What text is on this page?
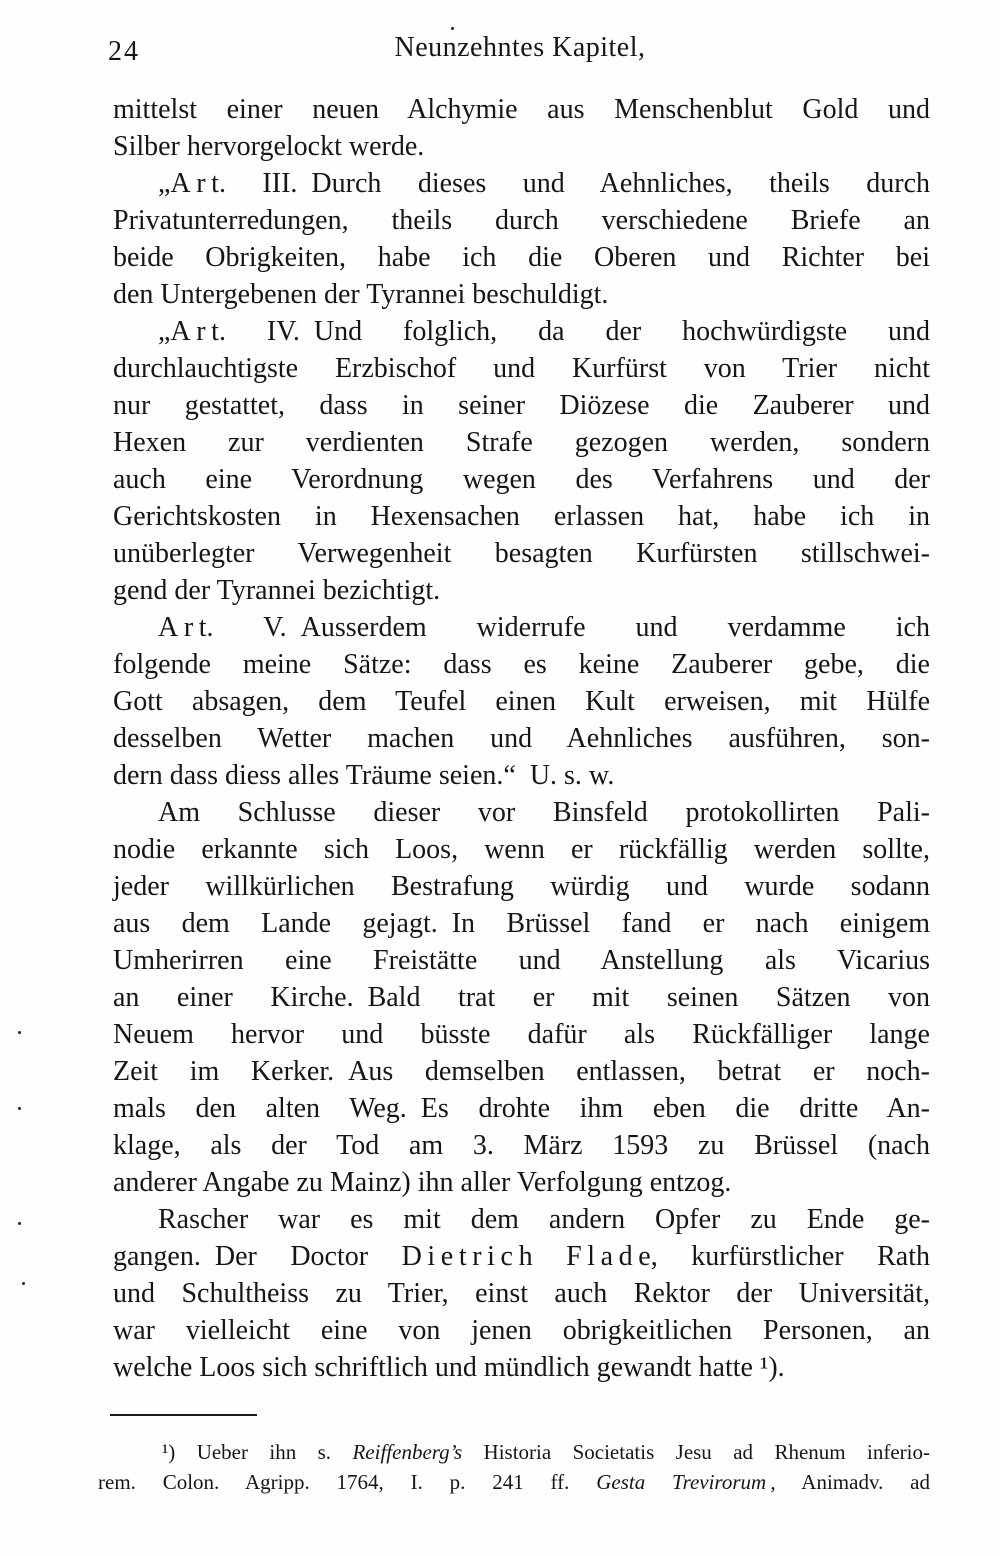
24	Neunzehntes Kapitel,
mittelst einer neuen Alchymie aus Menschenblut Gold und
Silber hervorgelockt werde.
„A r t. III. Durch dieses und Aehnliches, theils durch
Privatunterredungen, theils durch verschiedene Briefe an
beide Obrigkeiten, habe ich die Oberen und Richter bei
den Untergebenen der Tyrannei beschuldigt.
„A r t. IV. Und folglich, da der hochwürdigste und
durchlauchtigste Erzbischof und Kurfürst von Trier nicht
nur gestattet, dass in seiner Diözese die Zauberer und
Hexen zur verdienten Strafe gezogen werden, sondern
auch eine Verordnung wegen des Verfahrens und der
Gerichtskosten in Hexensachen erlassen hat, habe ich in
unüberlegter Verwegenheit besagten Kurfürsten stillschwei-
gend der Tyrannei bezichtigt.
A r t. V. Ausserdem widerrufe und verdamme ich
folgende meine Sätze: dass es keine Zauberer gebe, die
Gott absagen, dem Teufel einen Kult erweisen, mit Hülfe
desselben Wetter machen und Aehnliches ausführen, son-
dern dass diess alles Träume seien.“ U. s. w.
Am Schlusse dieser vor Binsfeld protokollirten Pali-
nodie erkannte sich Loos, wenn er rückfällig werden sollte,
jeder willkürlichen Bestrafung würdig und wurde sodann
aus dem Lande gejagt. In Brüssel fand er nach einigem
Umherirren eine Freistätte und Anstellung als Vicarius
an einer Kirche. Bald trat er mit seinen Sätzen von
Neuem hervor und büsste dafür als Rückfälliger lange
Zeit im Kerker. Aus demselben entlassen, betrat er noch-
mals den alten Weg. Es drohte ihm eben die dritte An-
klage, als der Tod am 3. März 1593 zu Brüssel (nach
anderer Angabe zu Mainz) ihn aller Verfolgung entzog.
Rascher war es mit dem andern Opfer zu Ende ge-
gangen. Der Doctor D i e t r i c h F l a d e, kurfürstlicher Rath
und Schultheiss zu Trier, einst auch Rektor der Universität,
war vielleicht eine von jenen obrigkeitlichen Personen, an
welche Loos sich schriftlich und mündlich gewandt hatte ¹).
¹) Ueber ihn s. Reiffenberg’s Historia Societatis Jesu ad Rhenum inferio-
rem. Colon. Agripp. 1764, I. p. 241 ff. Gesta Trevirorum , Animadv. ad
